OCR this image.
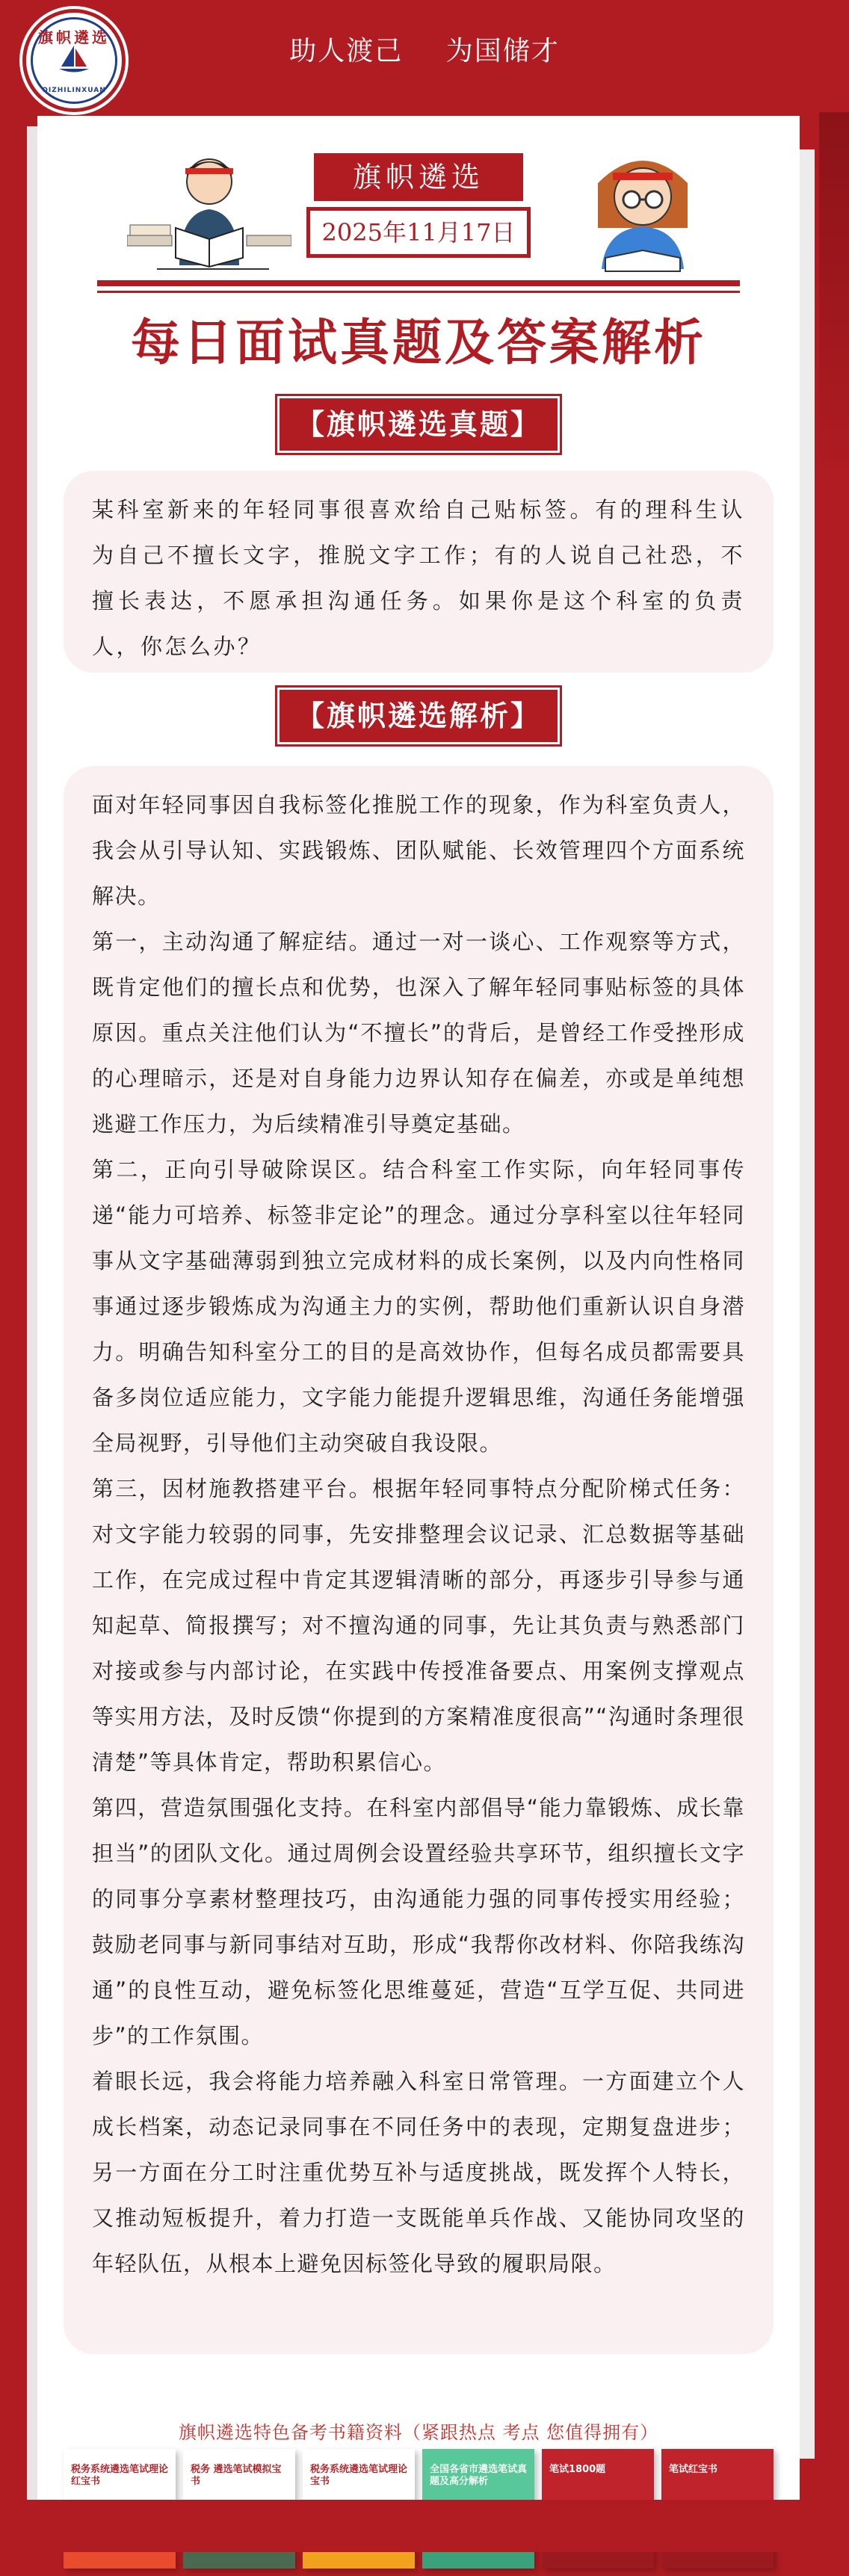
旗帜遴选
QIZHILINXUAN
助人渡己 为国储才
旗帜遴选
2025年11月17日
每日面试真题及答案解析
【旗帜遴选真题】

某科室新来的年轻同事很喜欢给自己贴标签。有的理科生认为自己不擅长文字，推脱文字工作；有的人说自己社恐，不擅长表达，不愿承担沟通任务。如果你是这个科室的负责人，你怎么办？

【旗帜遴选解析】

面对年轻同事因自我标签化推脱工作的现象，作为科室负责人，我会从引导认知、实践锻炼、团队赋能、长效管理四个方面系统解决。

第一，主动沟通了解症结。通过一对一谈心、工作观察等方式，既肯定他们的擅长点和优势，也深入了解年轻同事贴标签的具体原因。重点关注他们认为“不擅长”的背后，是曾经工作受挫形成的心理暗示，还是对自身能力边界认知存在偏差，亦或是单纯想逃避工作压力，为后续精准引导奠定基础。

第二，正向引导破除误区。结合科室工作实际，向年轻同事传递“能力可培养、标签非定论”的理念。通过分享科室以往年轻同事从文字基础薄弱到独立完成材料的成长案例，以及内向性格同事通过逐步锻炼成为沟通主力的实例，帮助他们重新认识自身潜力。明确告知科室分工的目的是高效协作，但每名成员都需要具备多岗位适应能力，文字能力能提升逻辑思维，沟通任务能增强全局视野，引导他们主动突破自我设限。

第三，因材施教搭建平台。根据年轻同事特点分配阶梯式任务：对文字能力较弱的同事，先安排整理会议记录、汇总数据等基础工作，在完成过程中肯定其逻辑清晰的部分，再逐步引导参与通知起草、简报撰写；对不擅沟通的同事，先让其负责与熟悉部门对接或参与内部讨论，在实践中传授准备要点、用案例支撑观点等实用方法，及时反馈“你提到的方案精准度很高”“沟通时条理很清楚”等具体肯定，帮助积累信心。

第四，营造氛围强化支持。在科室内部倡导“能力靠锻炼、成长靠担当”的团队文化。通过周例会设置经验共享环节，组织擅长文字的同事分享素材整理技巧，由沟通能力强的同事传授实用经验；鼓励老同事与新同事结对互助，形成“我帮你改材料、你陪我练沟通”的良性互动，避免标签化思维蔓延，营造“互学互促、共同进步”的工作氛围。

着眼长远，我会将能力培养融入科室日常管理。一方面建立个人成长档案，动态记录同事在不同任务中的表现，定期复盘进步；另一方面在分工时注重优势互补与适度挑战，既发挥个人特长，又推动短板提升，着力打造一支既能单兵作战、又能协同攻坚的年轻队伍，从根本上避免因标签化导致的履职局限。

旗帜遴选特色备考书籍资料（紧跟热点 考点 您值得拥有）
税务系统遴选笔试理论红宝书
税务 遴选笔试模拟宝书
税务系统遴选笔试理论宝书
全国各省市遴选笔试真题及高分解析
笔试1800题	笔试红宝书
